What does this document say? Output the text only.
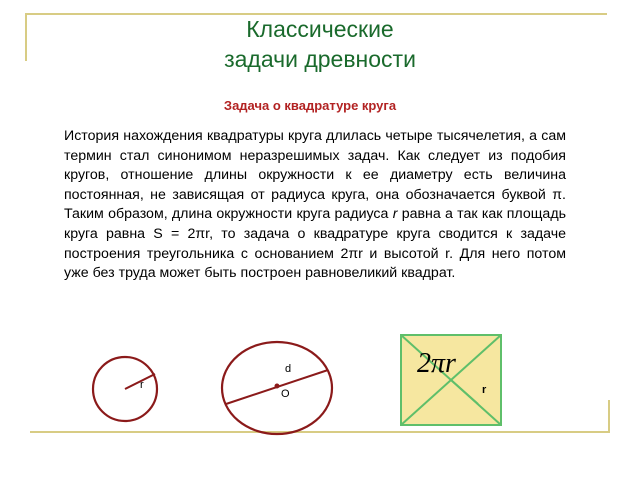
Классические
задачи древности
Задача о квадратуре круга

История нахождения квадратуры круга длилась четыре тысячелетия, а сам термин стал синонимом неразрешимых задач. Как следует из подобия кругов, отношение длины окружности к ее диаметру есть величина постоянная, не зависящая от радиуса круга, она обозначается буквой π. Таким образом, длина окружности круга радиуса r равна а так как площадь круга равна S = 2πr, то задача о квадратуре круга сводится к задаче построения треугольника с основанием 2πr и высотой r. Для него потом уже без труда может быть построен равновеликий квадрат.

r
d
O
2πr
r
